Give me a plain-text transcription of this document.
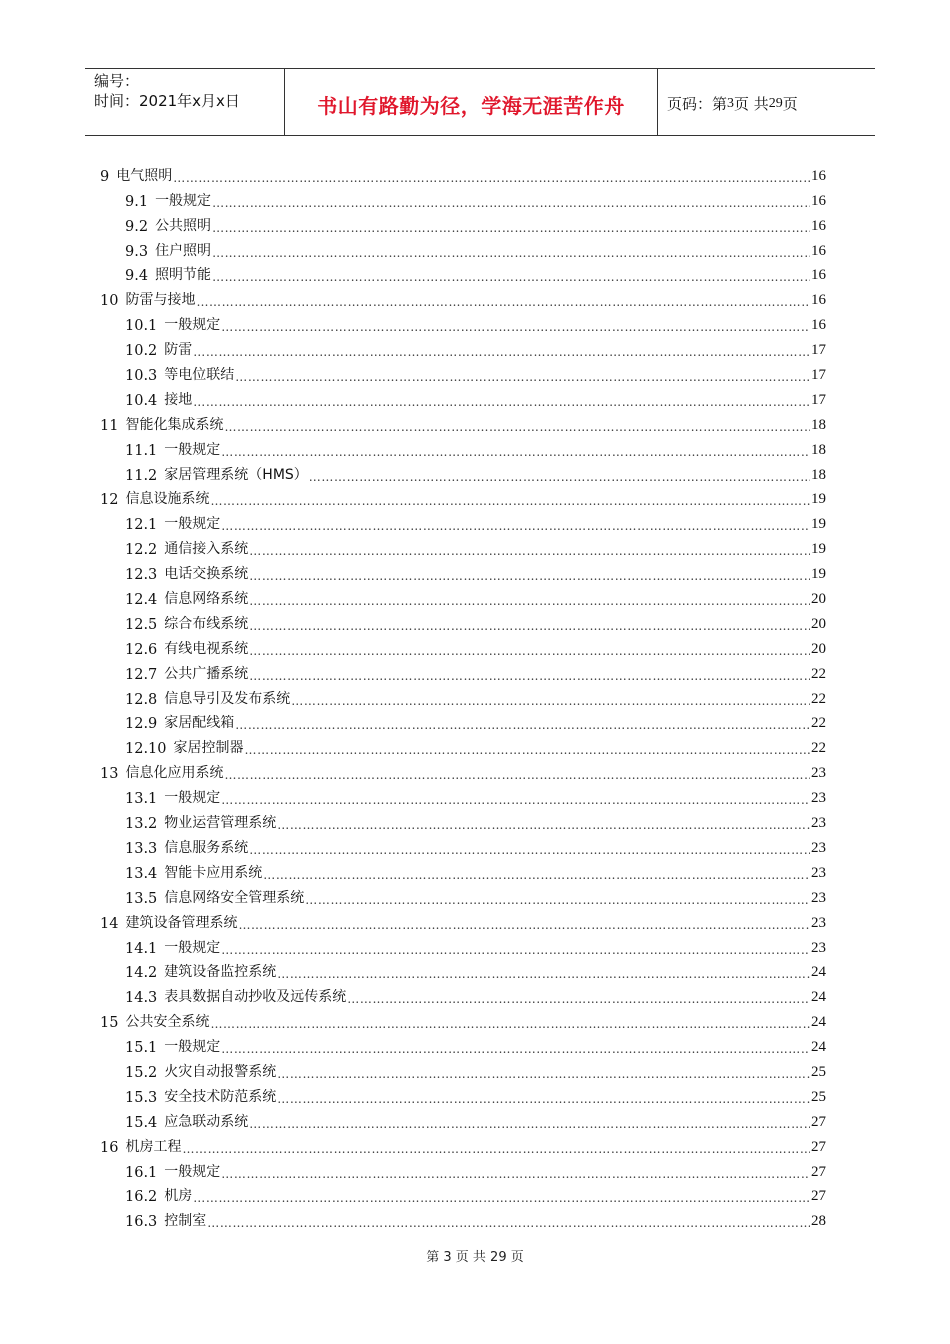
编号：
时间：2021年x月x日	书山有路勤为径，学海无涯苦作舟	页码：第 3 页 共 29 页
9 电气照明 ………………………………………………………………………………………………………………………………………………………………………………………………………………………………………………………………	16
9.1 一般规定 ………………………………………………………………………………………………………………………………………………………………………………………………………………………………………………………………	16
9.2 公共照明 ………………………………………………………………………………………………………………………………………………………………………………………………………………………………………………………………	16
9.3 住户照明 ………………………………………………………………………………………………………………………………………………………………………………………………………………………………………………………………	16
9.4 照明节能 ………………………………………………………………………………………………………………………………………………………………………………………………………………………………………………………………	16
10 防雷与接地 ………………………………………………………………………………………………………………………………………………………………………………………………………………………………………………………………	16
10.1 一般规定 ………………………………………………………………………………………………………………………………………………………………………………………………………………………………………………………………	16
10.2 防雷 ………………………………………………………………………………………………………………………………………………………………………………………………………………………………………………………………	17
10.3 等电位联结 ………………………………………………………………………………………………………………………………………………………………………………………………………………………………………………………………	17
10.4 接地 ………………………………………………………………………………………………………………………………………………………………………………………………………………………………………………………………	17
11 智能化集成系统 ………………………………………………………………………………………………………………………………………………………………………………………………………………………………………………………………	18
11.1 一般规定 ………………………………………………………………………………………………………………………………………………………………………………………………………………………………………………………………	18
11.2 家居管理系统（HMS） ………………………………………………………………………………………………………………………………………………………………………………………………………………………………………………………………	18
12 信息设施系统 ………………………………………………………………………………………………………………………………………………………………………………………………………………………………………………………………	19
12.1 一般规定 ………………………………………………………………………………………………………………………………………………………………………………………………………………………………………………………………	19
12.2 通信接入系统 ………………………………………………………………………………………………………………………………………………………………………………………………………………………………………………………………	19
12.3 电话交换系统 ………………………………………………………………………………………………………………………………………………………………………………………………………………………………………………………………	19
12.4 信息网络系统 ………………………………………………………………………………………………………………………………………………………………………………………………………………………………………………………………	20
12.5 综合布线系统 ………………………………………………………………………………………………………………………………………………………………………………………………………………………………………………………………	20
12.6 有线电视系统 ………………………………………………………………………………………………………………………………………………………………………………………………………………………………………………………………	20
12.7 公共广播系统 ………………………………………………………………………………………………………………………………………………………………………………………………………………………………………………………………	22
12.8 信息导引及发布系统 ………………………………………………………………………………………………………………………………………………………………………………………………………………………………………………………………	22
12.9 家居配线箱 ………………………………………………………………………………………………………………………………………………………………………………………………………………………………………………………………	22
12.10 家居控制器 ………………………………………………………………………………………………………………………………………………………………………………………………………………………………………………………………	22
13 信息化应用系统 ………………………………………………………………………………………………………………………………………………………………………………………………………………………………………………………………	23
13.1 一般规定 ………………………………………………………………………………………………………………………………………………………………………………………………………………………………………………………………	23
13.2 物业运营管理系统 ………………………………………………………………………………………………………………………………………………………………………………………………………………………………………………………………	23
13.3 信息服务系统 ………………………………………………………………………………………………………………………………………………………………………………………………………………………………………………………………	23
13.4 智能卡应用系统 ………………………………………………………………………………………………………………………………………………………………………………………………………………………………………………………………	23
13.5 信息网络安全管理系统 ………………………………………………………………………………………………………………………………………………………………………………………………………………………………………………………………	23
14 建筑设备管理系统 ………………………………………………………………………………………………………………………………………………………………………………………………………………………………………………………………	23
14.1 一般规定 ………………………………………………………………………………………………………………………………………………………………………………………………………………………………………………………………	23
14.2 建筑设备监控系统 ………………………………………………………………………………………………………………………………………………………………………………………………………………………………………………………………	24
14.3 表具数据自动抄收及远传系统 ………………………………………………………………………………………………………………………………………………………………………………………………………………………………………………………………	24
15 公共安全系统 ………………………………………………………………………………………………………………………………………………………………………………………………………………………………………………………………	24
15.1 一般规定 ………………………………………………………………………………………………………………………………………………………………………………………………………………………………………………………………	24
15.2 火灾自动报警系统 ………………………………………………………………………………………………………………………………………………………………………………………………………………………………………………………………	25
15.3 安全技术防范系统 ………………………………………………………………………………………………………………………………………………………………………………………………………………………………………………………………	25
15.4 应急联动系统 ………………………………………………………………………………………………………………………………………………………………………………………………………………………………………………………………	27
16 机房工程 ………………………………………………………………………………………………………………………………………………………………………………………………………………………………………………………………	27
16.1 一般规定 ………………………………………………………………………………………………………………………………………………………………………………………………………………………………………………………………	27
16.2 机房 ………………………………………………………………………………………………………………………………………………………………………………………………………………………………………………………………	27
16.3 控制室 ………………………………………………………………………………………………………………………………………………………………………………………………………………………………………………………………	28
第 3 页 共 29 页
